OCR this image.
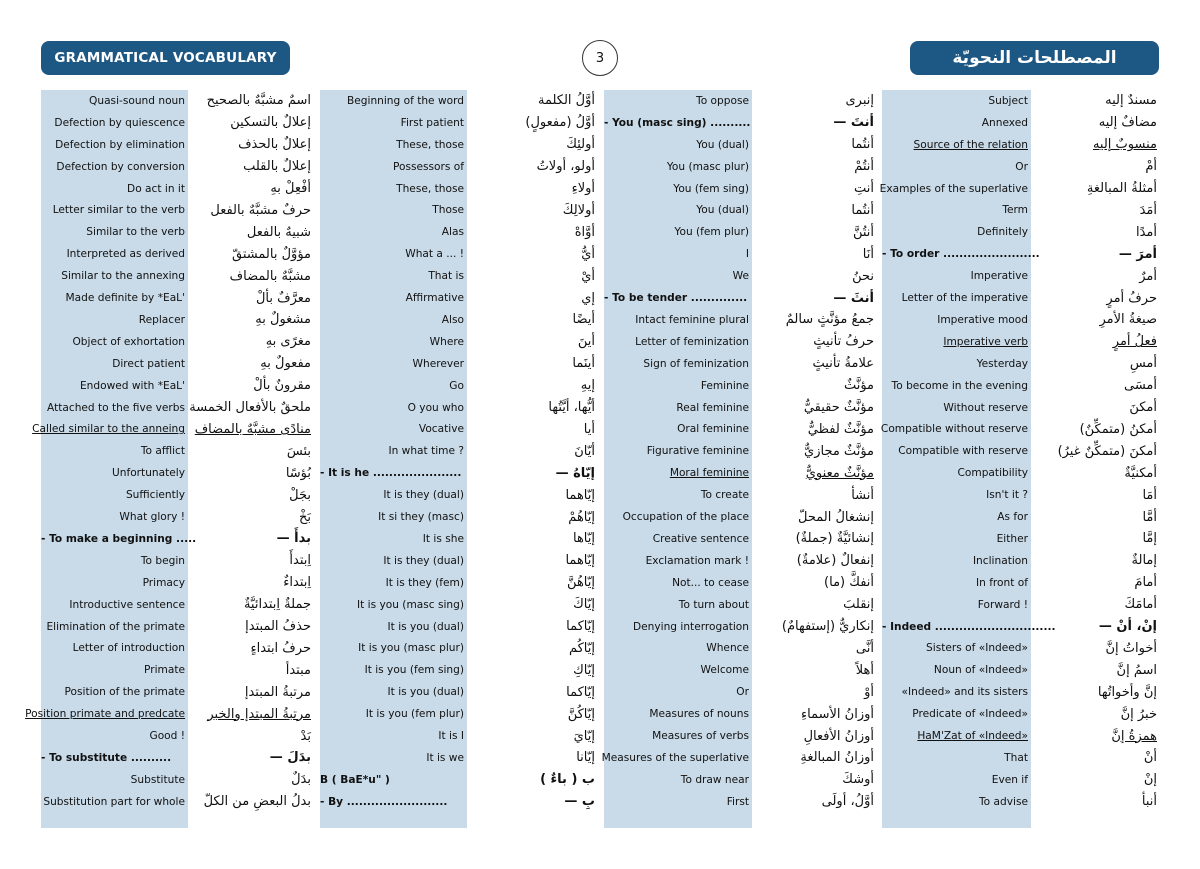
GRAMMATICAL VOCABULARY	3	المصطلحات النحويّة
Quasi-sound noun	اسمٌ مشبَّهٌ بالصحيح
Defection by quiescence	إعلالٌ بالتسكين
Defection by elimination	إعلالٌ بالحذف
Defection by conversion	إعلالٌ بالقلب
Do act in it	أفْعِلْ بهِ
Letter similar to the verb	حرفٌ مشبَّهٌ بالفعل
Similar to the verb	شبيهٌ بالفعل
Interpreted as derived	مؤوَّلٌ بالمشتقّ
Similar to the annexing	مشبَّهٌ بالمضاف
Made definite by *EaL'	معرَّفٌ بألْ
Replacer	مشغولٌ بهِ
Object of exhortation	مغرًى بهِ
Direct patient	مفعولٌ بهِ
Endowed with *EaL'	مقرونٌ بألْ
Attached to the five verbs ملحقٌ بالأفعال الخمسة
Called similar to the anneing منادًى مشبَّهٌ بالمضاف
To afflict	بئسَ
Unfortunately	بُؤسًا
Sufficiently	بجَلْ
What glory !	بَخْ
- To make a beginning .....	بدأَ —
To begin	اِبتدأَ
Primacy	اِبتداءٌ
Introductive sentence	جملةٌ اِبتدائيَّةٌ
Elimination of the primate	حذفُ المبتدإ
Letter of introduction	حرفُ ابتداءٍ
Primate	مبتدأ
Position of the primate	مرتبةُ المبتدإ
Position primate and predcate	مرتبةُ المبتدإ والخبر
Good !	بَدْ
- To substitute ..........	بدَلَ —
Substitute	بدَلٌ
Substitution part for whole	بدلُ البعضِ من الكلّ
Beginning of the word	أوَّلُ الكلمة
First patient	أوَّلُ (مفعولٍ)
These, those	أولئِكَ
Possessors of	أولو، أولاتُ
These, those	أولاءِ
Those	أولالِكَ
Alas	أوَّاهْ
What a ... !	أيُّ
That is	أيْ
Affirmative	إي
Also	أيضًا
Where	أينَ
Wherever	أينَما
Go	إيهِ
O you who	أيُّها، أيَّتُها
Vocative	أيا
In what time ?	أيّانَ
- It is he ......................	إيّاهُ —
It is they (dual)	إيّاهما
It si they (masc)	إيّاهُمْ
It is she	إيّاها
It is they (dual)	إيّاهما
It is they (fem)	إيّاهُنَّ
It is you (masc sing)	إيّاكَ
It is you (dual)	إيّاكما
It is you (masc plur)	إيّاكُم
It is you (fem sing)	إيّاكِ
It is you (dual)	إيّاكما
It is you (fem plur)	إيّاكُنَّ
It is I	إيّايَ
It is we	إيّانا
B ( BaE*u" )	ب ( باءٌ )
- By .........................	بِ —
To oppose	إنبرى
- You (masc sing) ..........	أنتَ —
You (dual)	أنتُما
You (masc plur)	أنتُمْ
You (fem sing)	أنتِ
You (dual)	أنتُما
You (fem plur)	أنتُنَّ
I	أنَا
We	نحنُ
- To be tender ..............	أنثَ —
Intact feminine plural	جمعُ مؤنَّثٍ سالمٌ
Letter of feminization	حرفُ تأنيثٍ
Sign of feminization	علامةُ تأنيثٍ
Feminine	مؤنَّثٌ
Real feminine	مؤنَّثٌ حقيقيٌّ
Oral feminine	مؤنَّثٌ لفظيٌّ
Figurative feminine	مؤنَّثٌ مجازيٌّ
Moral feminine	مؤنَّثٌ معنويٌّ
To create	أنشأ
Occupation of the place	إنشغالُ المحلّ
Creative sentence	إنشائيَّةٌ (جملةٌ)
Exclamation mark !	إنفعالٌ (علامةٌ)
Not... to cease	أنفكَّ (ما)
To turn about	إنقلبَ
Denying interrogation	إنكاريٌّ (إستفهامٌ)
Whence	أنَّى
Welcome	أهلاً
Or	أوْ
Measures of nouns	أوزانُ الأسماءِ
Measures of verbs	أوزانُ الأفعالِ
Measures of the superlative	أوزانُ المبالغةِ
To draw near	أوشكَ
First	أوَّلُ، أولَى
Subject	مسندٌ إليه
Annexed	مضافٌ إليه
Source of the relation	منسوبٌ إليه
Or	أمْ
Examples of the superlative	أمثلةُ المبالغةِ
Term	أمَدَ
Definitely	أمدًا
- To order ........................	أمرَ —
Imperative	أمرٌ
Letter of the imperative	حرفُ أمرٍ
Imperative mood	صيغةُ الأمرِ
Imperative verb	فعلُ أمرٍ
Yesterday	أمسِ
To become in the evening	أمسَى
Without reserve	أمكنَ
Compatible without reserve	أمكنُ (متمكِّنٌ)
Compatible with reserve	أمكنَ (متمكِّنٌ غيرُ)
Compatibility	أمكنيَّةٌ
Isn't it ?	أمَا
As for	أمَّا
Either	إمَّا
Inclination	إمالةٌ
In front of	أمامَ
Forward !	أمامَكَ
- Indeed ..............................	إنْ، أنْ —
Sisters of «Indeed»	أخواتُ إنَّ
Noun of «Indeed»	اسمُ إنَّ
«Indeed» and its sisters	إنَّ وأخواتُها
Predicate of «Indeed»	خبرُ إنَّ
HaM'Zat of «Indeed»	همزةُ إنَّ
That	أنْ
Even if	إنْ
To advise	أنبأ
